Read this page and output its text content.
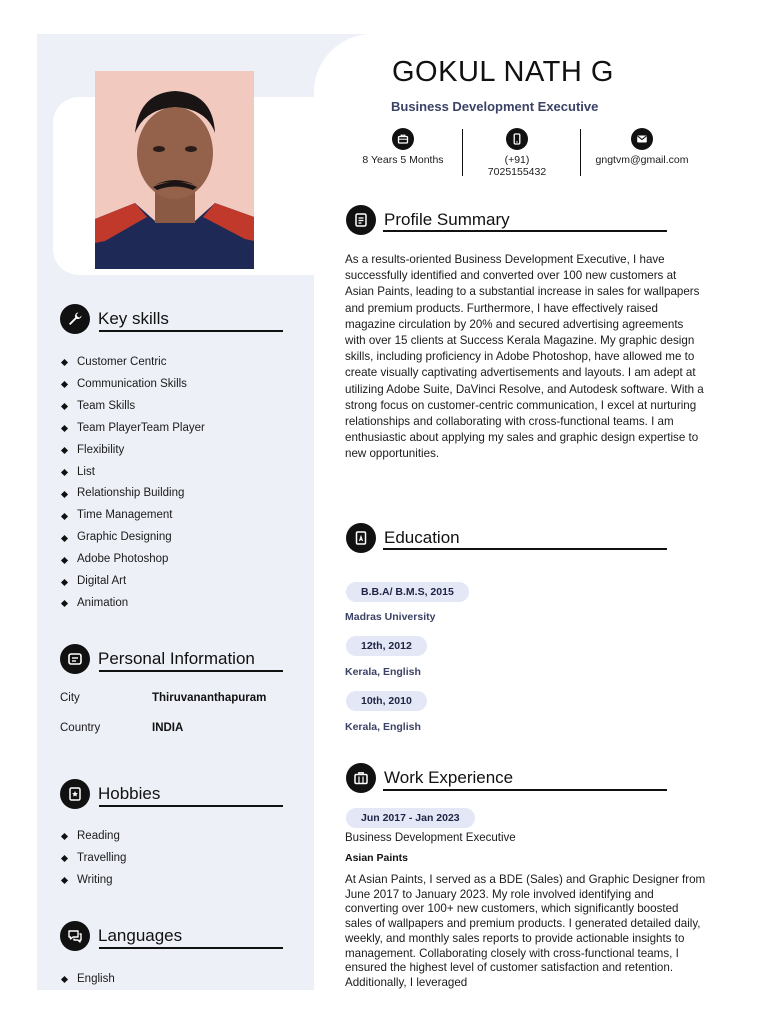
Key skills
Customer Centric
Communication Skills
Team Skills
Team PlayerTeam Player
Flexibility
List
Relationship Building
Time Management
Graphic Designing
Adobe Photoshop
Digital Art
Animation
Personal Information
City	Thiruvananthapuram
Country	INDIA
Hobbies
Reading
Travelling
Writing
Languages
English
GOKUL NATH G
Business Development Executive
8 Years 5 Months	(+91)
7025155432
gngtvm@gmail.com
Profile Summary
As a results-oriented Business Development Executive, I have successfully identified and converted over 100 new customers at Asian Paints, leading to a substantial increase in sales for wallpapers and premium products. Furthermore, I have effectively raised magazine circulation by 20% and secured advertising agreements with over 15 clients at Success Kerala Magazine. My graphic design skills, including proficiency in Adobe Photoshop, have allowed me to create visually captivating advertisements and layouts. I am adept at utilizing Adobe Suite, DaVinci Resolve, and Autodesk software. With a strong focus on customer-centric communication, I excel at nurturing relationships and collaborating with cross-functional teams. I am enthusiastic about applying my sales and graphic design expertise to new opportunities.
Education
B.B.A/ B.M.S, 2015
Madras University
12th, 2012
Kerala, English
10th, 2010
Kerala, English
Work Experience
Jun 2017 - Jan 2023
Business Development Executive
Asian Paints
At Asian Paints, I served as a BDE (Sales) and Graphic Designer from June 2017 to January 2023. My role involved identifying and converting over 100+ new customers, which significantly boosted sales of wallpapers and premium products. I generated detailed daily, weekly, and monthly sales reports to provide actionable insights to management. Collaborating closely with cross-functional teams, I ensured the highest level of customer satisfaction and retention. Additionally, I leveraged
